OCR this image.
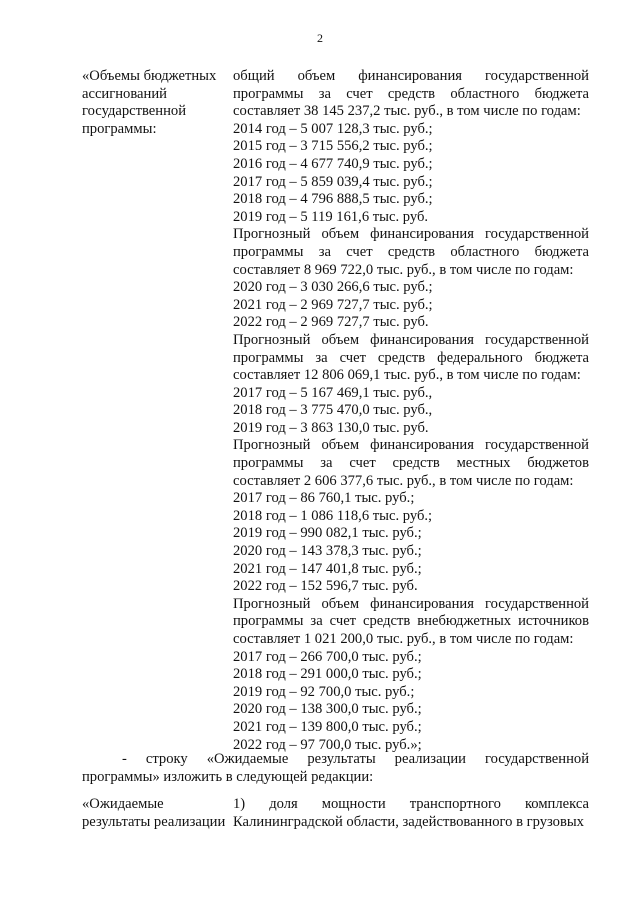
2
«Объемы бюджетных
ассигнований
государственной
программы:
общий объем финансирования государственной
программы за счет средств областного бюджета
составляет 38 145 237,2 тыс. руб., в том числе по годам:
2014 год – 5 007 128,3 тыс. руб.;
2015 год – 3 715 556,2 тыс. руб.;
2016 год – 4 677 740,9 тыс. руб.;
2017 год – 5 859 039,4 тыс. руб.;
2018 год – 4 796 888,5 тыс. руб.;
2019 год – 5 119 161,6 тыс. руб.
Прогнозный объем финансирования государственной
программы за счет средств областного бюджета
составляет 8 969 722,0 тыс. руб., в том числе по годам:
2020 год – 3 030 266,6 тыс. руб.;
2021 год – 2 969 727,7 тыс. руб.;
2022 год – 2 969 727,7 тыс. руб.
Прогнозный объем финансирования государственной
программы за счет средств федерального бюджета
составляет 12 806 069,1 тыс. руб., в том числе по годам:
2017 год – 5 167 469,1 тыс. руб.,
2018 год – 3 775 470,0 тыс. руб.,
2019 год – 3 863 130,0 тыс. руб.
Прогнозный объем финансирования государственной
программы за счет средств местных бюджетов
составляет 2 606 377,6 тыс. руб., в том числе по годам:
2017 год – 86 760,1 тыс. руб.;
2018 год – 1 086 118,6 тыс. руб.;
2019 год – 990 082,1 тыс. руб.;
2020 год – 143 378,3 тыс. руб.;
2021 год – 147 401,8 тыс. руб.;
2022 год – 152 596,7 тыс. руб.
Прогнозный объем финансирования государственной
программы за счет средств внебюджетных источников
составляет 1 021 200,0 тыс. руб., в том числе по годам:
2017 год – 266 700,0 тыс. руб.;
2018 год – 291 000,0 тыс. руб.;
2019 год – 92 700,0 тыс. руб.;
2020 год – 138 300,0 тыс. руб.;
2021 год – 139 800,0 тыс. руб.;
2022 год – 97 700,0 тыс. руб.»;
- строку «Ожидаемые результаты реализации государственной
программы» изложить в следующей редакции:
«Ожидаемые
результаты реализации
1) доля мощности транспортного комплекса
Калининградской области, задействованного в грузовых
